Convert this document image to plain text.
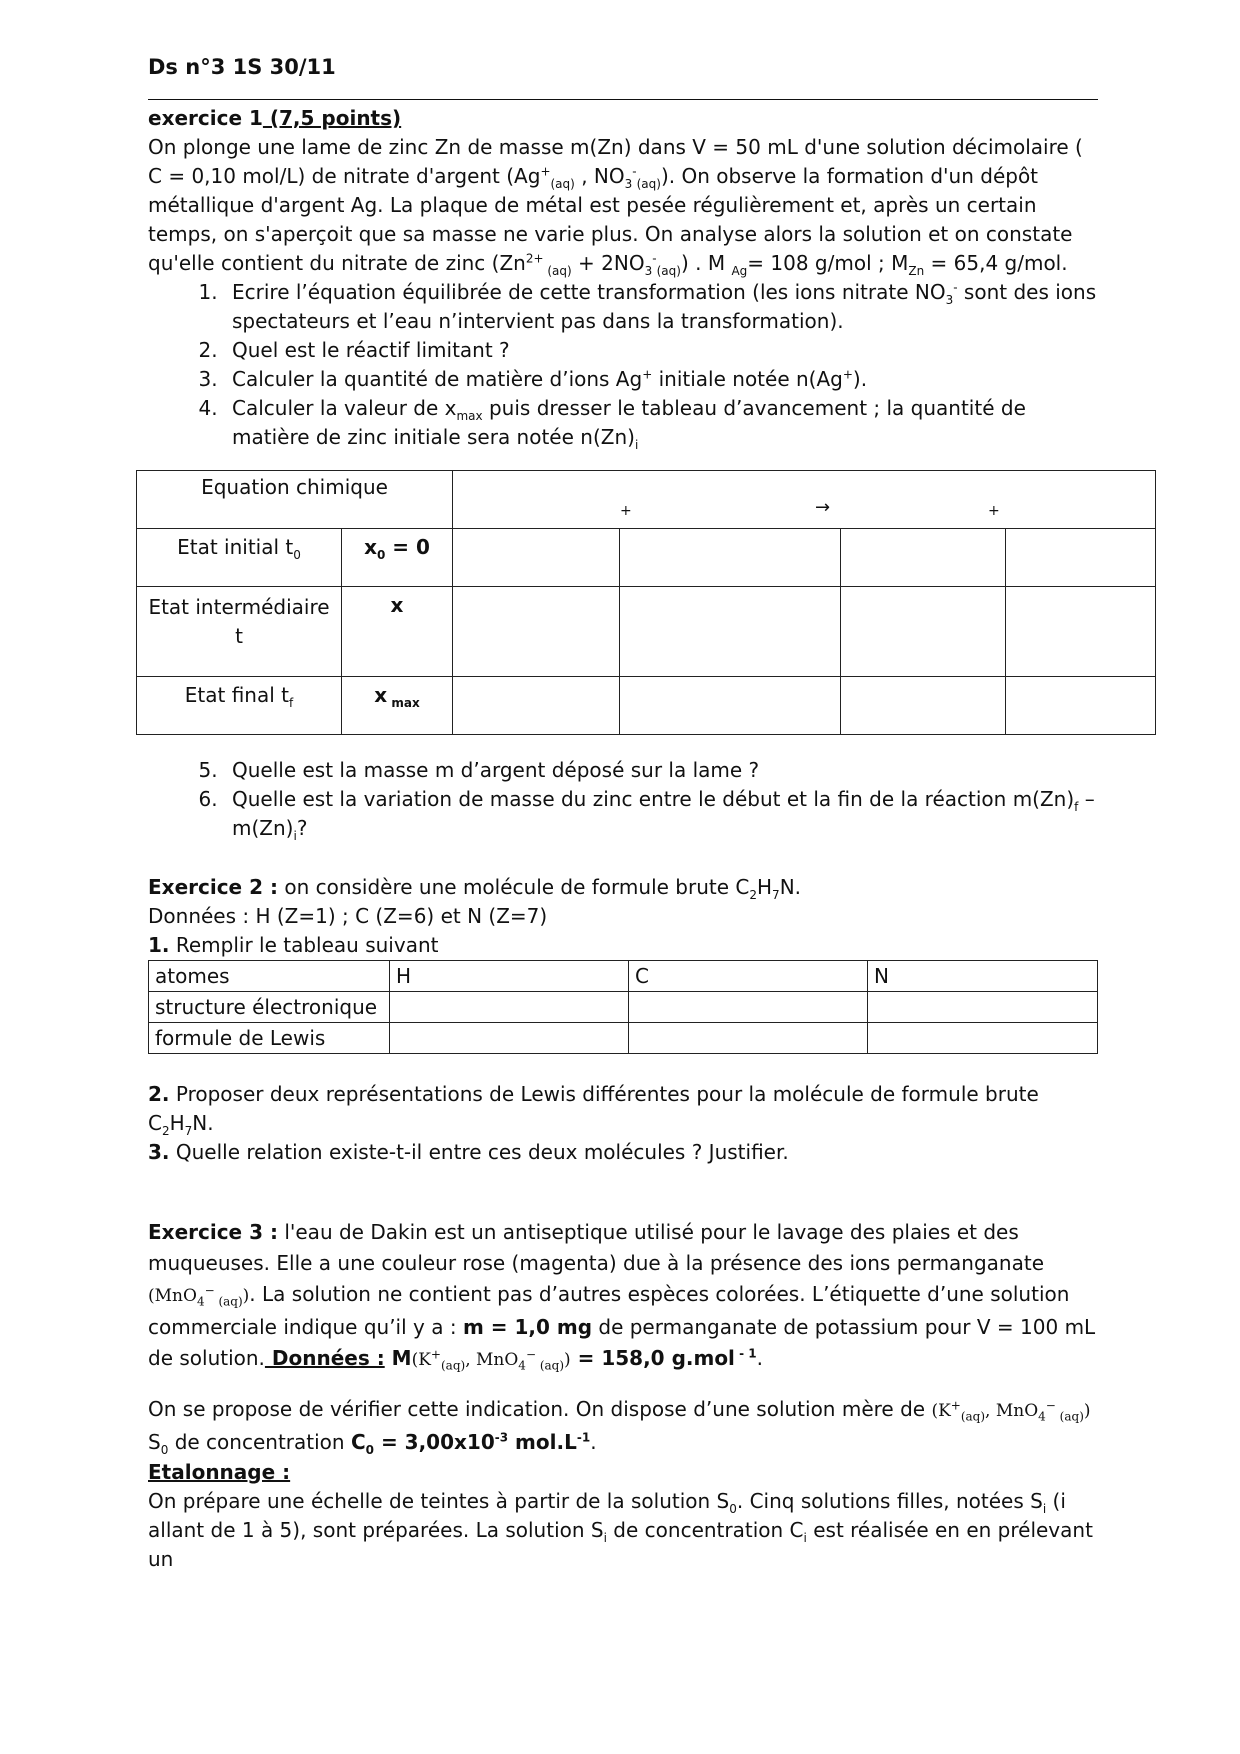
Ds n°3 1S 30/11

exercice 1 (7,5 points)

On plonge une lame de zinc Zn de masse m(Zn) dans V = 50 mL d'une solution décimolaire ( C = 0,10 mol/L) de nitrate d'argent ($Ag^+_{(aq)}$ , $NO_3^-_{(aq)}$). On observe la formation d'un dépôt métallique d'argent Ag. La plaque de métal est pesée régulièrement et, après un certain temps, on s'aperçoit que sa masse ne varie plus. On analyse alors la solution et on constate qu'elle contient du nitrate de zinc ($Zn^{2+}$ $_{(aq)} + 2NO_3^-_{(aq)}$) . M $_{Ag}$= 108 g/mol ; $M_{Zn} = 65,4$ g/mol.

1. Ecrire l’équation équilibrée de cette transformation (les ions nitrate $NO_3^-$ sont des ions spectateurs et l’eau n’intervient pas dans la transformation).
2. Quel est le réactif limitant ?
3. Calculer la quantité de matière d’ions Ag+ initiale notée n(Ag+).
4. Calculer la valeur de $x_{max}$ puis dresser le tableau d’avancement ; la quantité de matière de zinc initiale sera notée $n(Zn)_i$
Equation chimique		+ → +			

Etat initial $t_0$	$x_0 = 0$				
Etat intermédiaire t	x				
Etat final $t_f$	x $_{max}$				
5. Quelle est la masse m d’argent déposé sur la lame ?
6. Quelle est la variation de masse du zinc entre le début et la fin de la réaction $m(Zn)_f - m(Zn)_i$?

Exercice 2 : on considère une molécule de formule brute $C_2H_7N$.

Données : H (Z=1) ; C (Z=6) et N (Z=7)

1. Remplir le tableau suivant

atomes	H	C	N
structure électronique			
formule de Lewis			

2. Proposer deux représentations de Lewis différentes pour la molécule de formule brute $C_2H_7N$.

3. Quelle relation existe-t-il entre ces deux molécules ? Justifier.

Exercice 3 : l'eau de Dakin est un antiseptique utilisé pour le lavage des plaies et des muqueuses. Elle a une couleur rose (magenta) due à la présence des ions permanganate (MnO$_4$− $_{(aq)}$). La solution ne contient pas d’autres espèces colorées. L’étiquette d’une solution commerciale indique qu’il y a : m = 1,0 mg de permanganate de potassium pour V = 100 mL de solution. Données : $M(K^+_{(aq)}$, MnO$_4$− $_{(aq)}$) = 158,0 g.mol $^{- 1}$.

On se propose de vérifier cette indication. On dispose d’une solution mère de ($K^+_{(aq)}$, MnO$_4$− $_{(aq)}$) $S_0$ de concentration $C_0 = 3,00x10^{-3}$ $mol.L^{-1}$.

Etalonnage :

On prépare une échelle de teintes à partir de la solution $S_0$. Cinq solutions filles, notées $S_i$ (i allant de 1 à 5), sont préparées. La solution $S_i$ de concentration $C_i$ est réalisée en en prélevant un
